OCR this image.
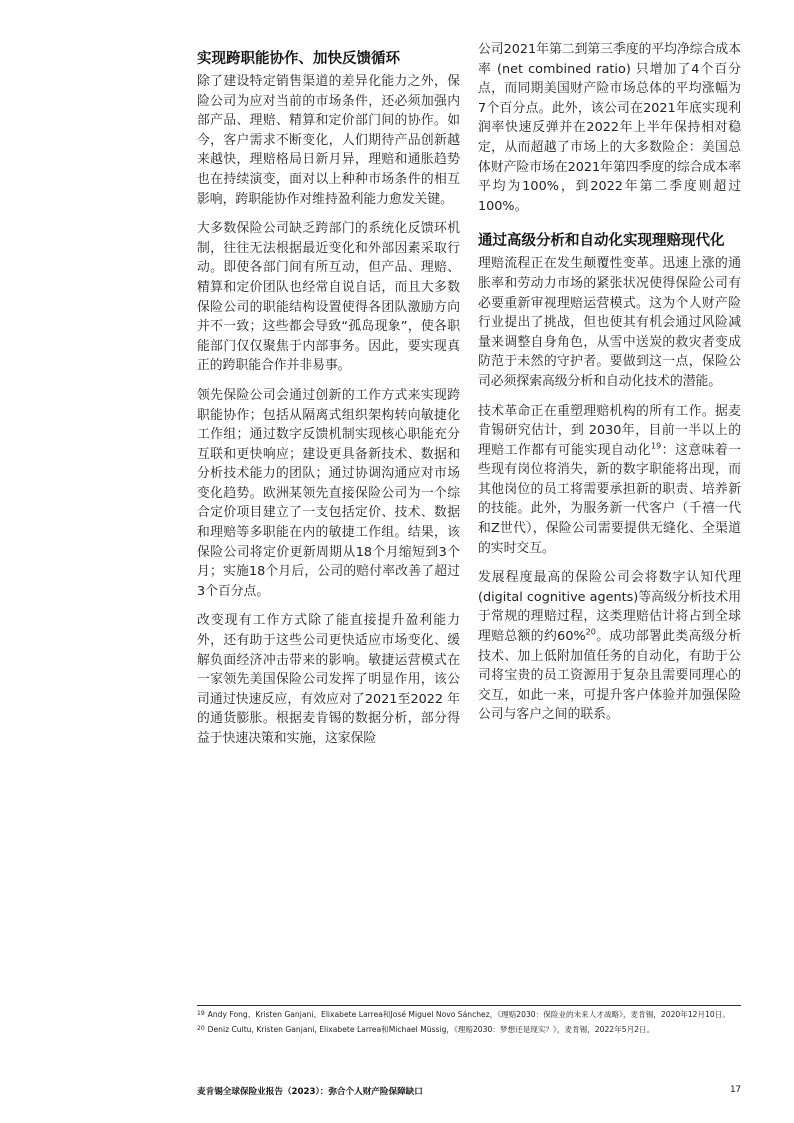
实现跨职能协作、加快反馈循环

除了建设特定销售渠道的差异化能力之外，保险公司为应对当前的市场条件，还必须加强内部产品、理赔、精算和定价部门间的协作。如今，客户需求不断变化，人们期待产品创新越来越快，理赔格局日新月异，理赔和通胀趋势也在持续演变，面对以上种种市场条件的相互影响，跨职能协作对维持盈利能力愈发关键。

大多数保险公司缺乏跨部门的系统化反馈环机制，往往无法根据最近变化和外部因素采取行动。即使各部门间有所互动，但产品、理赔、精算和定价团队也经常自说自话，而且大多数保险公司的职能结构设置使得各团队激励方向并不一致；这些都会导致“孤岛现象”，使各职能部门仅仅聚焦于内部事务。因此，要实现真正的跨职能合作并非易事。

领先保险公司会通过创新的工作方式来实现跨职能协作；包括从隔离式组织架构转向敏捷化工作组；通过数字反馈机制实现核心职能充分互联和更快响应；建设更具备新技术、数据和分析技术能力的团队；通过协调沟通应对市场变化趋势。欧洲某领先直接保险公司为一个综合定价项目建立了一支包括定价、技术、数据和理赔等多职能在内的敏捷工作组。结果，该保险公司将定价更新周期从18个月缩短到3个月；实施18个月后，公司的赔付率改善了超过3个百分点。

改变现有工作方式除了能直接提升盈利能力外，还有助于这些公司更快适应市场变化、缓解负面经济冲击带来的影响。敏捷运营模式在一家领先美国保险公司发挥了明显作用，该公司通过快速反应，有效应对了2021至2022 年的通货膨胀。根据麦肯锡的数据分析，部分得益于快速决策和实施，这家保险

公司2021年第二到第三季度的平均净综合成本率 (net combined ratio) 只增加了4个百分点，而同期美国财产险市场总体的平均涨幅为7个百分点。此外，该公司在2021年底实现利润率快速反弹并在2022年上半年保持相对稳定，从而超越了市场上的大多数险企：美国总体财产险市场在2021年第四季度的综合成本率平均为100%，到2022年第二季度则超过100%。

通过高级分析和自动化实现理赔现代化

理赔流程正在发生颠覆性变革。迅速上涨的通胀率和劳动力市场的紧张状况使得保险公司有必要重新审视理赔运营模式。这为个人财产险行业提出了挑战，但也使其有机会通过风险减量来调整自身角色，从雪中送炭的救灾者变成防范于未然的守护者。要做到这一点，保险公司必须探索高级分析和自动化技术的潜能。

技术革命正在重塑理赔机构的所有工作。据麦肯锡研究估计，到 2030年，目前一半以上的理赔工作都有可能实现自动化$^{19}$：这意味着一些现有岗位将消失，新的数字职能将出现，而其他岗位的员工将需要承担新的职责、培养新的技能。此外，为服务新一代客户（千禧一代和Z世代），保险公司需要提供无缝化、全渠道的实时交互。

发展程度最高的保险公司会将数字认知代理 (digital cognitive agents)等高级分析技术用于常规的理赔过程，这类理赔估计将占到全球理赔总额的约60%$^{20}$。成功部署此类高级分析技术、加上低附加值任务的自动化，有助于公司将宝贵的员工资源用于复杂且需要同理心的交互，如此一来，可提升客户体验并加强保险公司与客户之间的联系。

$^{19}$ Andy Fong、Kristen Ganjani、Elixabete Larrea和José Miguel Novo Sánchez，《理赔2030：保险业的未来人才战略》，麦肯锡，2020年12月10日。
$^{20}$ Deniz Cultu, Kristen Ganjani, Elixabete Larrea和Michael Müssig，《理赔2030：梦想还是现实？》，麦肯锡，2022年5月2日。
麦肯锡全球保险业报告（2023）：弥合个人财产险保障缺口	17
